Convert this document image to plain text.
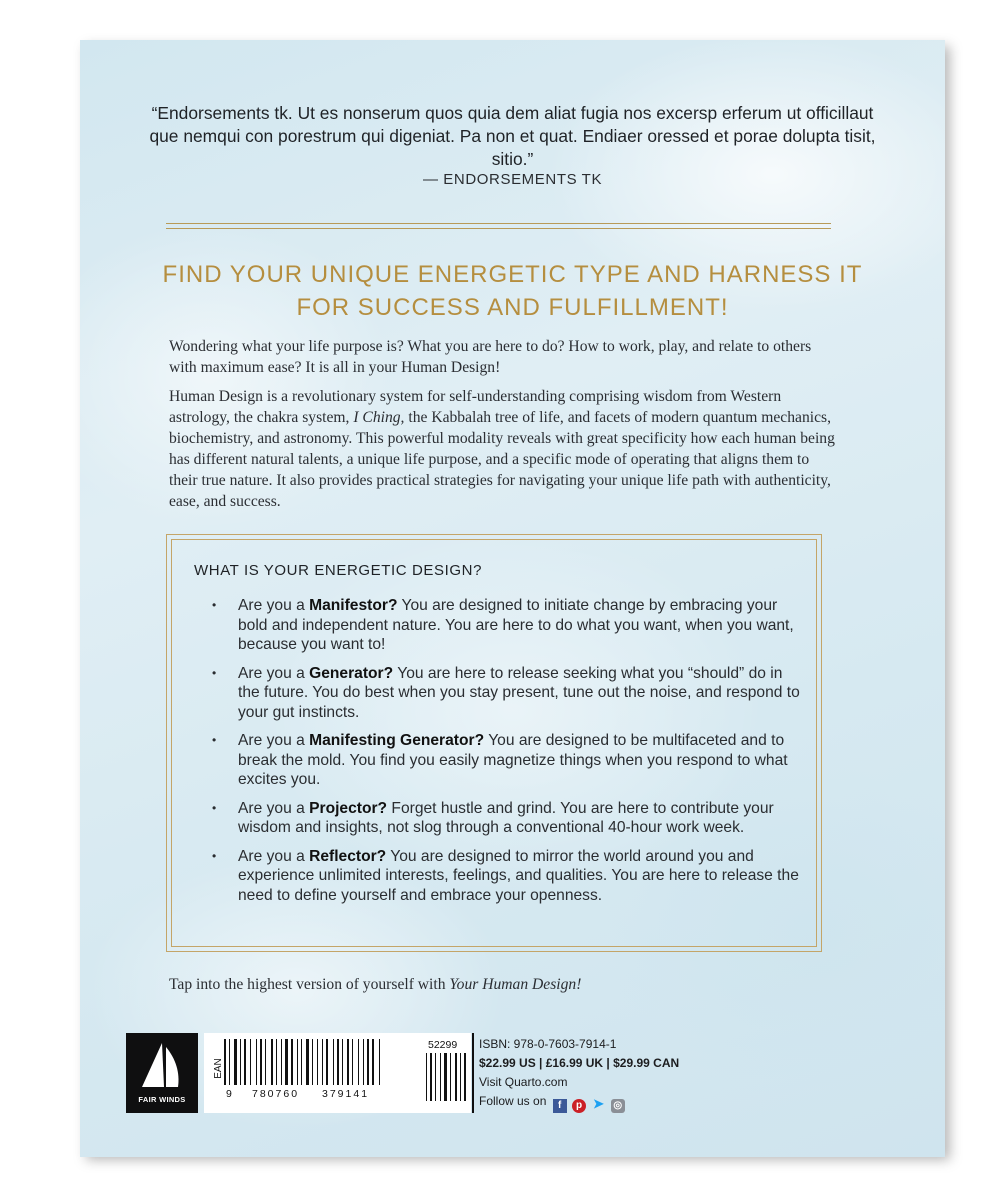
“Endorsements tk. Ut es nonserum quos quia dem aliat fugia nos excersp erferum ut officillaut que nemqui con porestrum qui digeniat. Pa non et quat. Endiaer oressed et porae dolupta tisit, sitio.”
— ENDORSEMENTS TK
FIND YOUR UNIQUE ENERGETIC TYPE AND HARNESS IT FOR SUCCESS AND FULFILLMENT!

Wondering what your life purpose is? What you are here to do? How to work, play, and relate to others with maximum ease? It is all in your Human Design!

Human Design is a revolutionary system for self-understanding comprising wisdom from Western astrology, the chakra system, I Ching, the Kabbalah tree of life, and facets of modern quantum mechanics, biochemistry, and astronomy. This powerful modality reveals with great specificity how each human being has different natural talents, a unique life purpose, and a specific mode of operating that aligns them to their true nature. It also provides practical strategies for navigating your unique life path with authenticity, ease, and success.

WHAT IS YOUR ENERGETIC DESIGN?
• Are you a Manifestor? You are designed to initiate change by embracing your bold and independent nature. You are here to do what you want, when you want, because you want to!
• Are you a Generator? You are here to release seeking what you “should” do in the future. You do best when you stay present, tune out the noise, and respond to your gut instincts.
• Are you a Manifesting Generator? You are designed to be multifaceted and to break the mold. You find you easily magnetize things when you respond to what excites you.
• Are you a Projector? Forget hustle and grind. You are here to contribute your wisdom and insights, not slog through a conventional 40-hour work week.
• Are you a Reflector? You are designed to mirror the world around you and experience unlimited interests, feelings, and qualities. You are here to release the need to define yourself and embrace your openness.
Tap into the highest version of yourself with Your Human Design!
FAIR WINDS
EAN
52299
9 780760 379141
ISBN: 978-0-7603-7914-1
$22.99 US | £16.99 UK | $29.99 CAN
Visit Quarto.com
Follow us on f p ➤ ◎
